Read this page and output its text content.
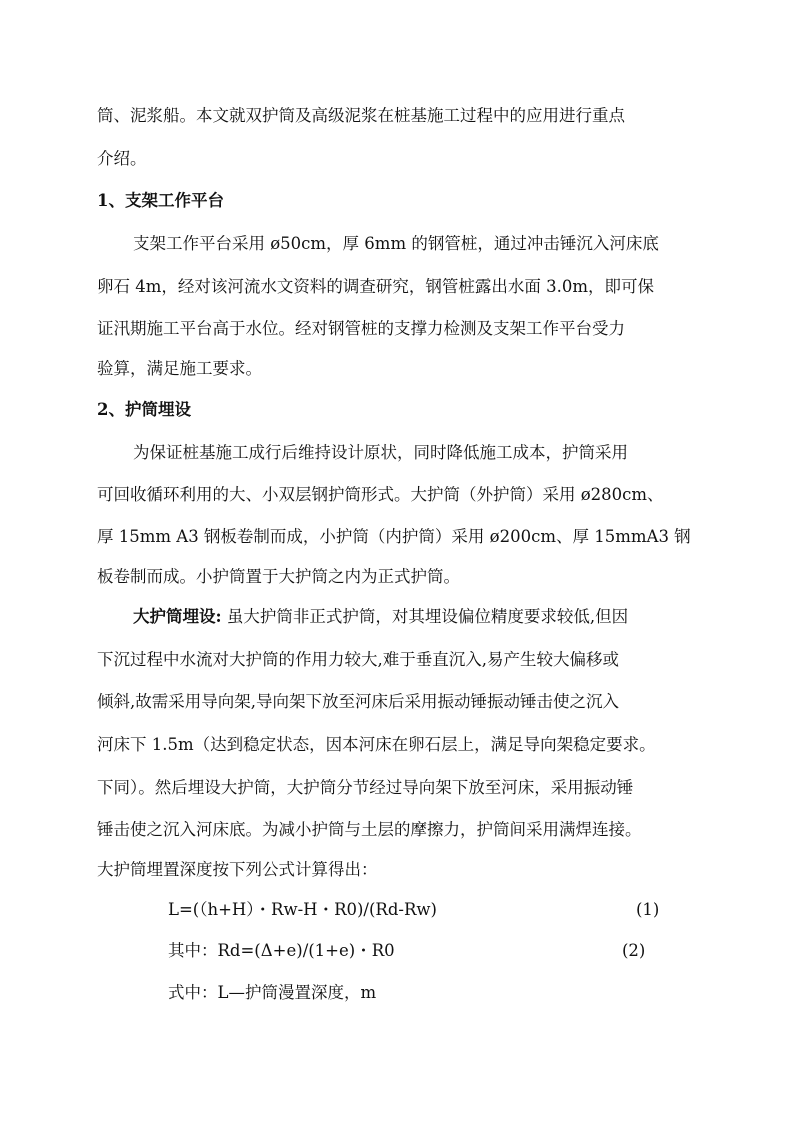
筒、泥浆船。本文就双护筒及高级泥浆在桩基施工过程中的应用进行重点
介绍。
1、支架工作平台
支架工作平台采用 ø50cm，厚 6mm 的钢管桩，通过冲击锤沉入河床底
卵石 4m，经对该河流水文资料的调查研究，钢管桩露出水面 3.0m，即可保
证汛期施工平台高于水位。经对钢管桩的支撑力检测及支架工作平台受力
验算，满足施工要求。
2、护筒埋设
为保证桩基施工成行后维持设计原状，同时降低施工成本，护筒采用
可回收循环利用的大、小双层钢护筒形式。大护筒（外护筒）采用 ø280cm、
厚 15mm A3 钢板卷制而成，小护筒（内护筒）采用 ø200cm、厚 15mmA3 钢
板卷制而成。小护筒置于大护筒之内为正式护筒。
大护筒埋设: 虽大护筒非正式护筒，对其埋设偏位精度要求较低,但因
下沉过程中水流对大护筒的作用力较大,难于垂直沉入,易产生较大偏移或
倾斜,故需采用导向架,导向架下放至河床后采用振动锤振动锤击使之沉入
河床下 1.5m（达到稳定状态，因本河床在卵石层上，满足导向架稳定要求。
下同）。然后埋设大护筒，大护筒分节经过导向架下放至河床，采用振动锤
锤击使之沉入河床底。为减小护筒与土层的摩擦力，护筒间采用满焊连接。
大护筒埋置深度按下列公式计算得出：
L=(（h+H）・Rw-H・R0)/(Rd-Rw)	(1)
其中：Rd=(Δ+e)/(1+e)・R0	(2)
式中：L—护筒漫置深度，m
